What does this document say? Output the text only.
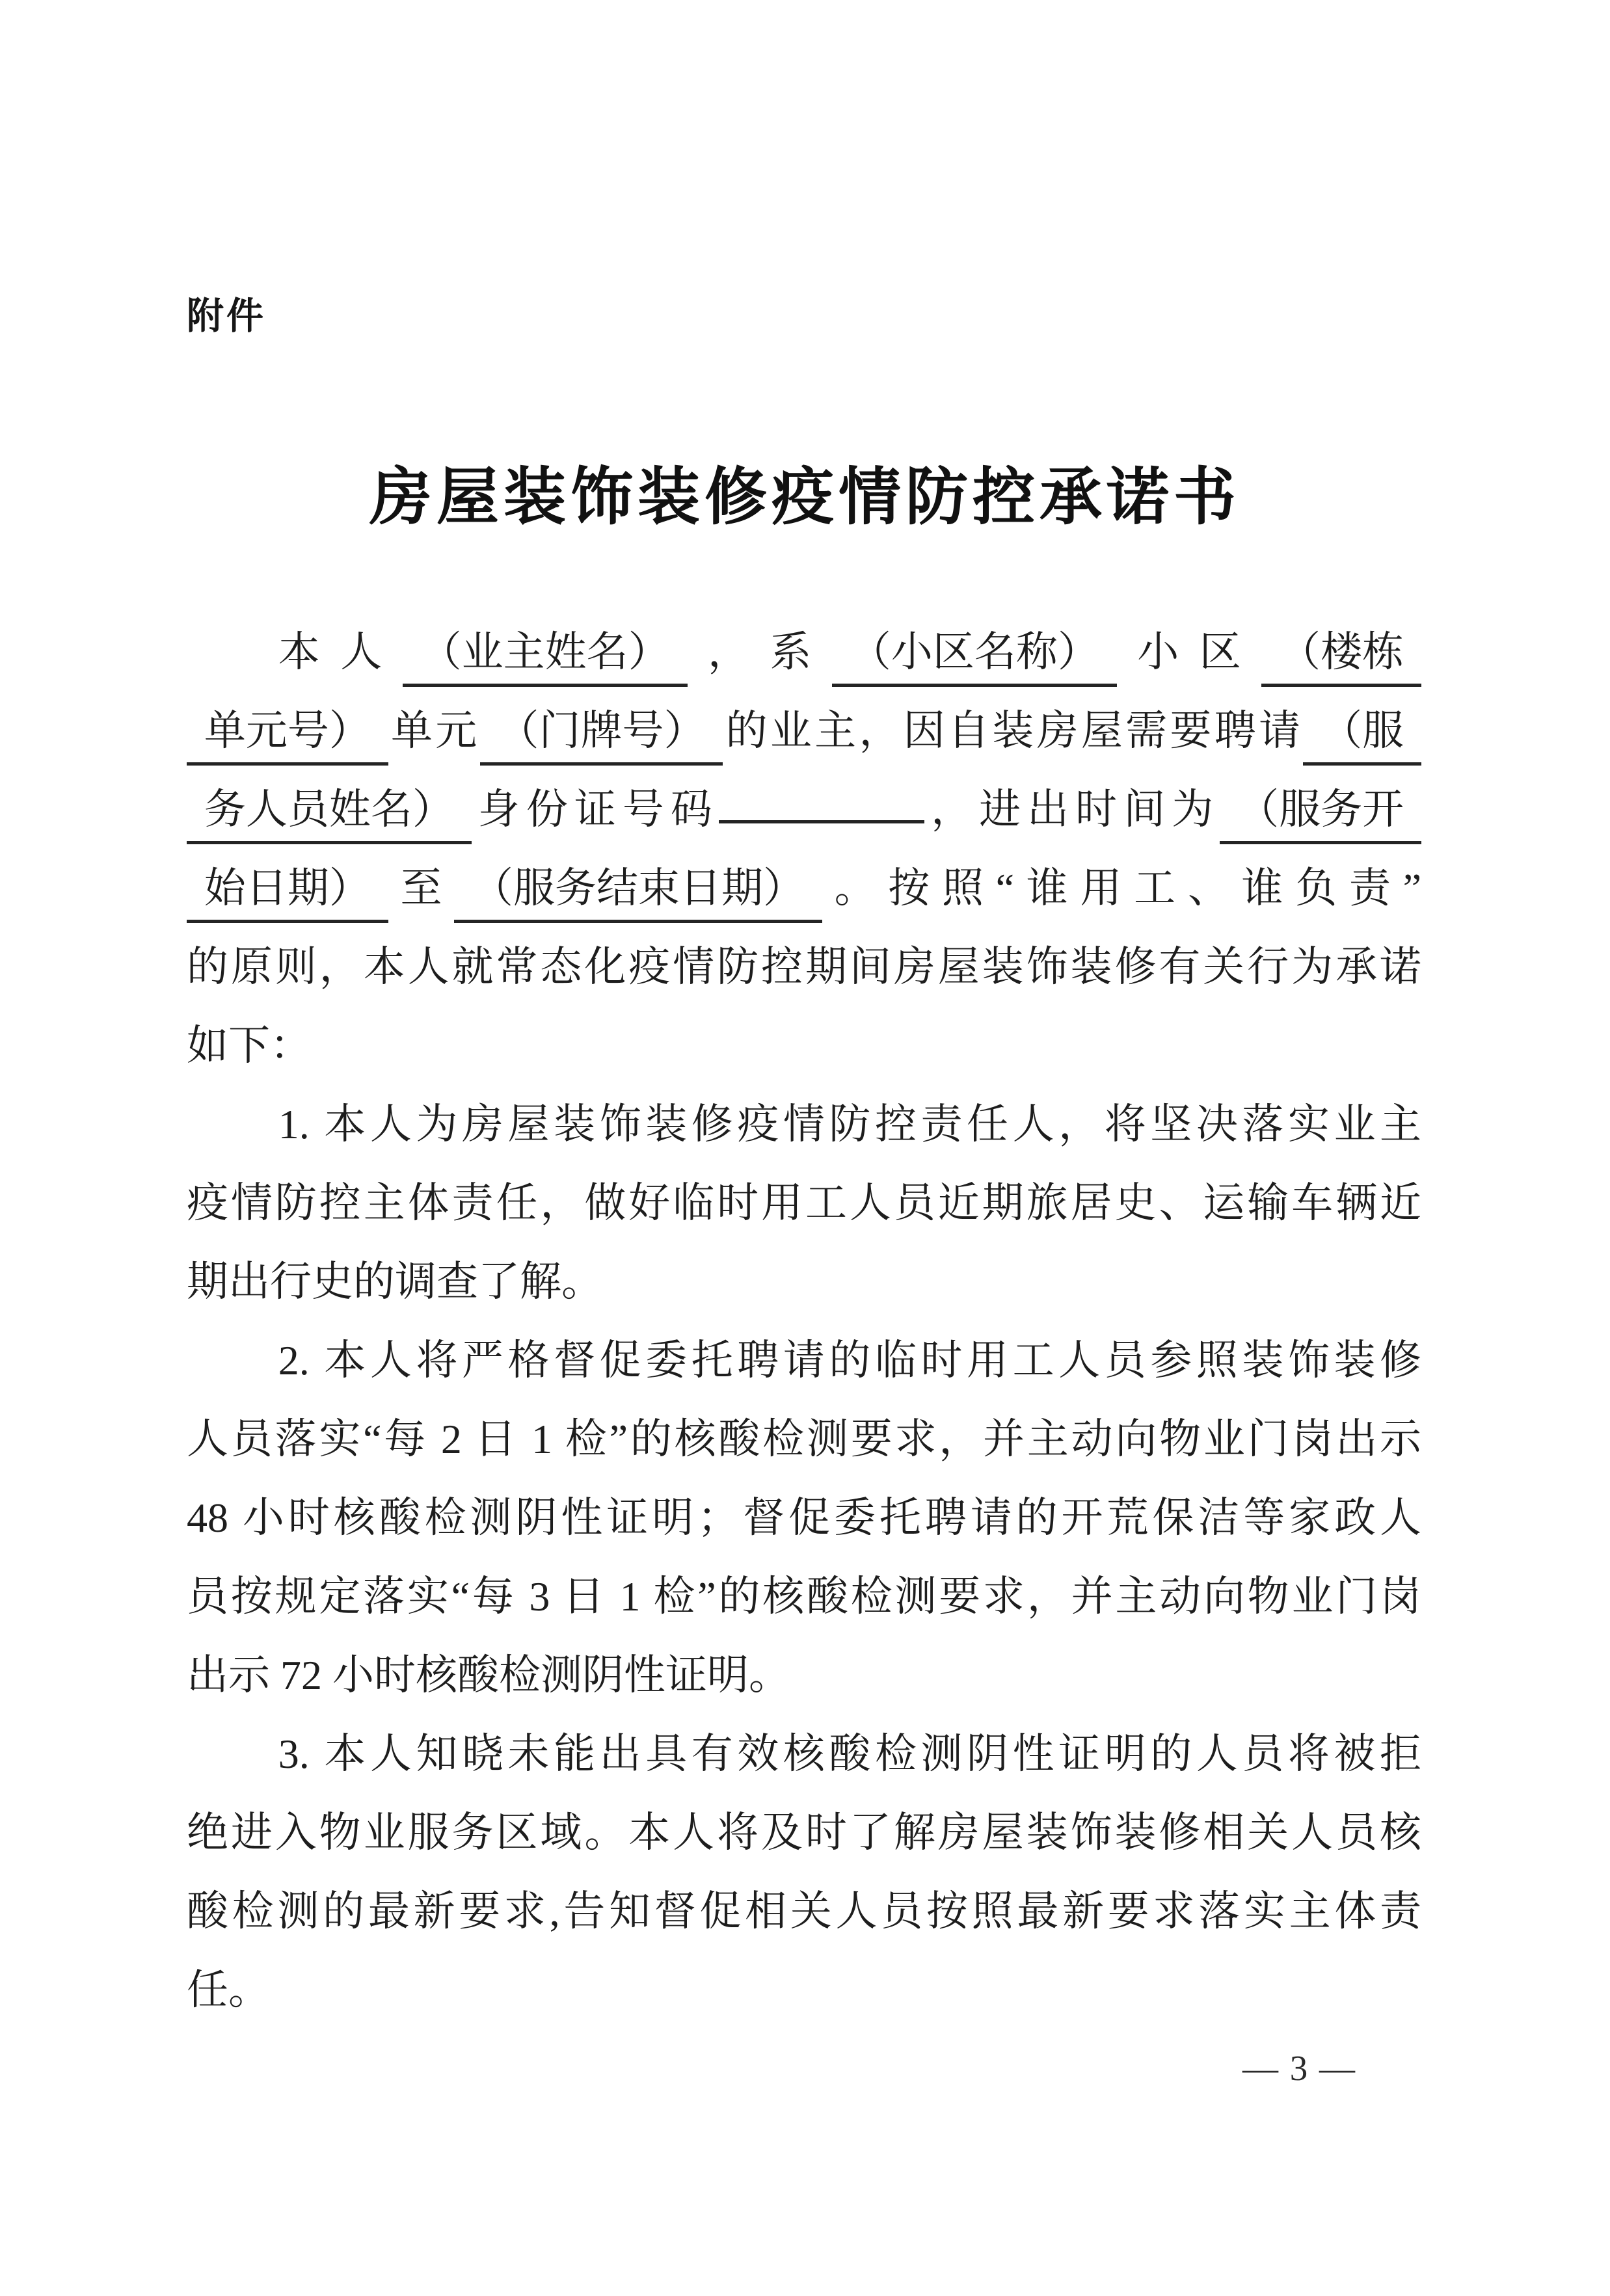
附件
房屋装饰装修疫情防控承诺书
本人 （业主姓名） ，系 （小区名称） 小区 （楼栋
单元号） 单元 （门牌号） 的业主，因自装房屋需要聘请 （服
务人员姓名） 身份证号码	，进出时间为 （服务开
始日期） 至 （服务结束日期） 。按照“谁用工、谁负责”
的原则，本人就常态化疫情防控期间房屋装饰装修有关行为承诺
如下：
1. 本人为房屋装饰装修疫情防控责任人，将坚决落实业主
疫情防控主体责任，做好临时用工人员近期旅居史、运输车辆近
期出行史的调查了解。
2. 本人将严格督促委托聘请的临时用工人员参照装饰装修
人员落实“每 2 日 1 检”的核酸检测要求，并主动向物业门岗出示
48 小时核酸检测阴性证明；督促委托聘请的开荒保洁等家政人
员按规定落实“每 3 日 1 检”的核酸检测要求，并主动向物业门岗
出示 72 小时核酸检测阴性证明。
3. 本人知晓未能出具有效核酸检测阴性证明的人员将被拒
绝进入物业服务区域。本人将及时了解房屋装饰装修相关人员核
酸检测的最新要求,告知督促相关人员按照最新要求落实主体责
任。
— 3 —
